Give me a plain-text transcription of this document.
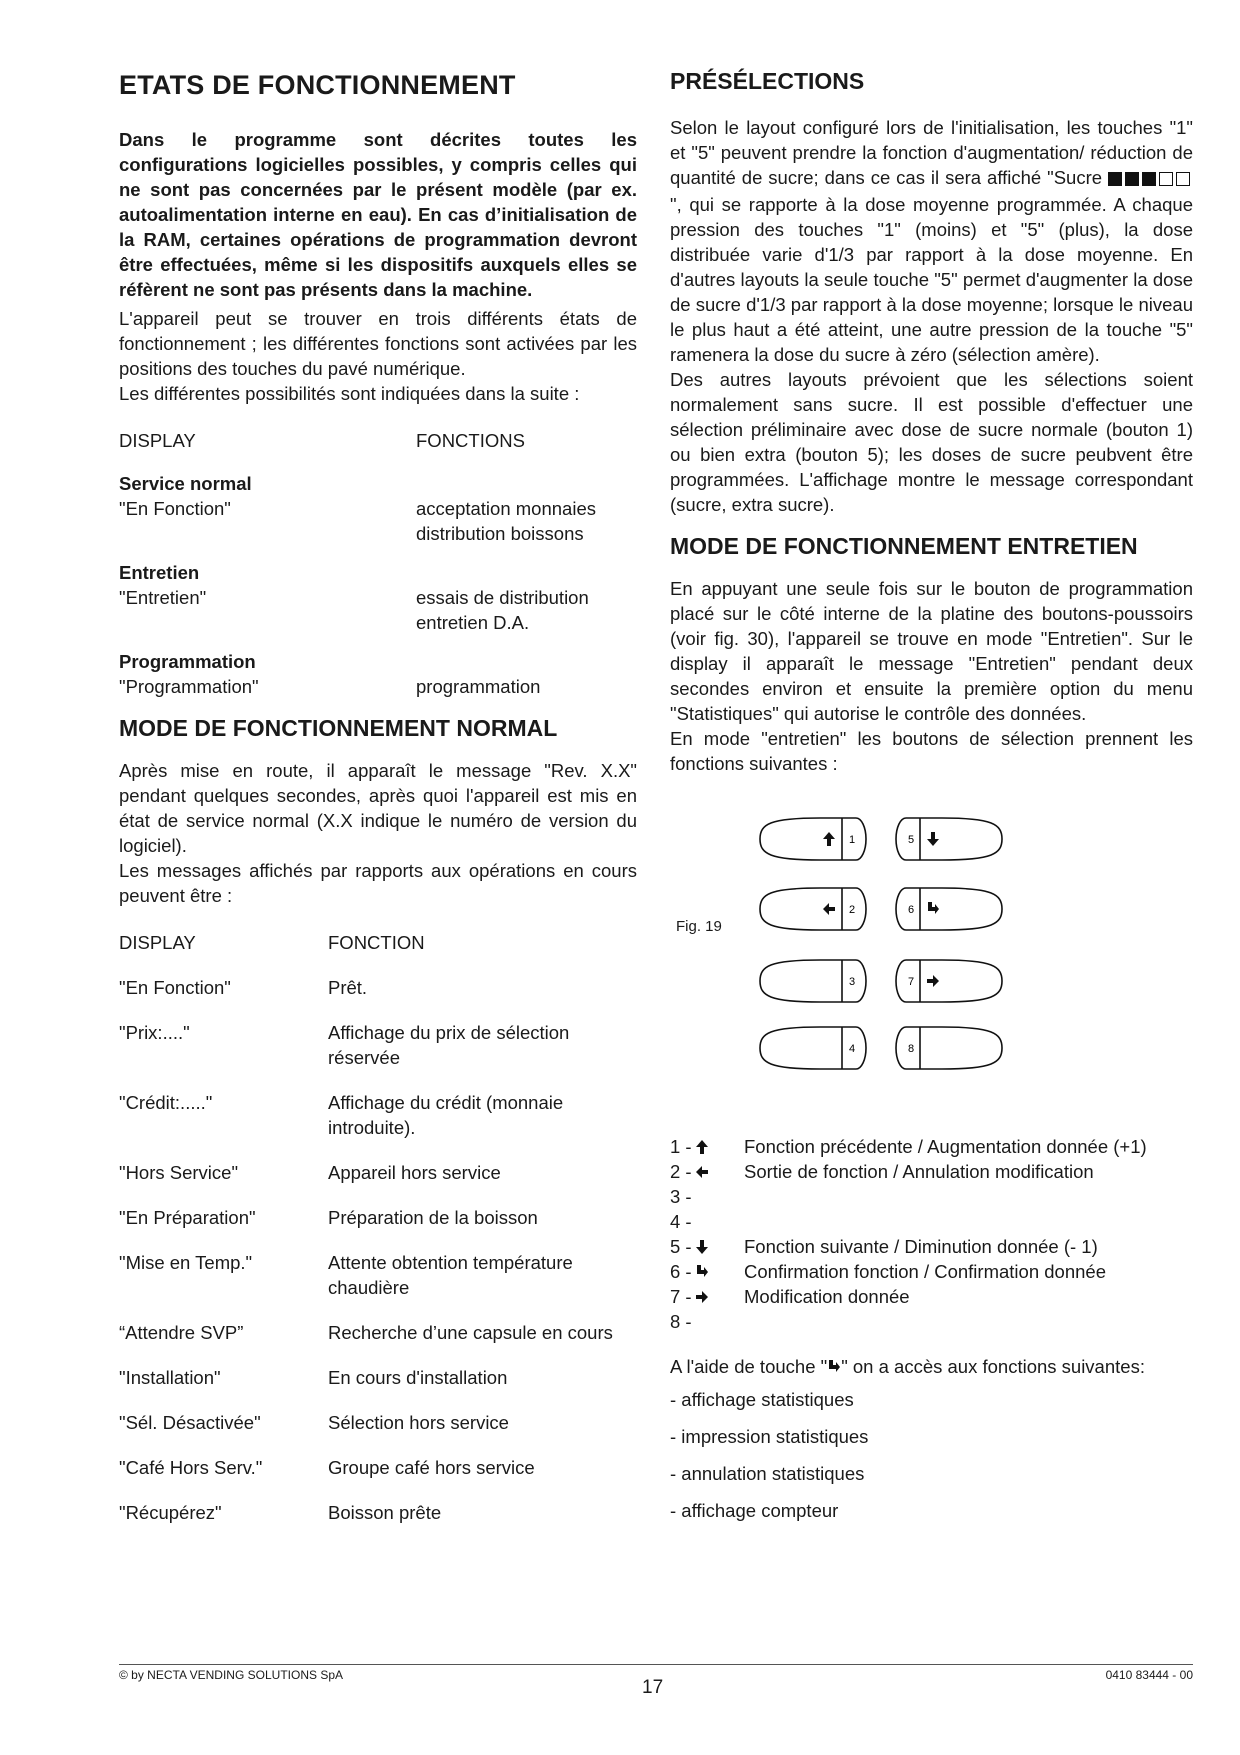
ETATS DE FONCTIONNEMENT

Dans le programme sont décrites toutes les configurations logicielles possibles, y compris celles qui ne sont pas concernées par le présent modèle (par ex. autoalimentation interne en eau). En cas d’initialisation de la RAM, certaines opérations de programmation devront être effectuées, même si les dispositifs auxquels elles se réfèrent ne sont pas présents dans la machine.

L'appareil peut se trouver en trois différents états de fonctionnement ; les différentes fonctions sont activées par les positions des touches du pavé numérique.

Les différentes possibilités sont indiquées dans la suite :

DISPLAY	FONCTIONS
Service normal
"En Fonction"	acceptation monnaies distribution boissons
Entretien
"Entretien"	essais de distribution entretien D.A.
Programmation
"Programmation"	programmation
MODE DE FONCTIONNEMENT NORMAL

Après mise en route, il apparaît le message "Rev. X.X" pendant quelques secondes, après quoi l'appareil est mis en état de service normal (X.X indique le numéro de version du logiciel).

Les messages affichés par rapports aux opérations en cours peuvent être :

DISPLAY	FONCTION
"En Fonction"	Prêt.
"Prix:...."	Affichage du prix de sélection réservée
"Crédit:....."	Affichage du crédit (monnaie introduite).
"Hors Service"	Appareil hors service
"En Préparation"	Préparation de la boisson
"Mise en Temp."	Attente obtention température chaudière
“Attendre SVP”	Recherche d’une capsule en cours
"Installation"	En cours d'installation
"Sél. Désactivée"	Sélection hors service
"Café Hors Serv."	Groupe café hors service
"Récupérez"	Boisson prête
PRÉSÉLECTIONS

Selon le layout configuré lors de l'initialisation, les touches "1" et "5" peuvent prendre la fonction d'augmentation/ réduction de quantité de sucre; dans ce cas il sera affiché "Sucre ", qui se rapporte à la dose moyenne programmée. A chaque pression des touches "1" (moins) et "5" (plus), la dose distribuée varie d'1/3 par rapport à la dose moyenne. En d'autres layouts la seule touche "5" permet d'augmenter la dose de sucre d'1/3 par rapport à la dose moyenne; lorsque le niveau le plus haut a été atteint, une autre pression de la touche "5" ramenera la dose du sucre à zéro (sélection amère).

Des autres layouts prévoient que les sélections soient normalement sans sucre. Il est possible d'effectuer une sélection préliminaire avec dose de sucre normale (bouton 1) ou bien extra (bouton 5); les doses de sucre peubvent être programmées. L'affichage montre le message correspondant (sucre, extra sucre).

MODE DE FONCTIONNEMENT ENTRETIEN

En appuyant une seule fois sur le bouton de programmation placé sur le côté interne de la platine des boutons-poussoirs (voir fig. 30), l'appareil se trouve en mode "Entretien". Sur le display il apparaît le message "Entretien" pendant deux secondes environ et ensuite la première option du menu "Statistiques" qui autorise le contrôle des données.

En mode "entretien" les boutons de sélection prennent les fonctions suivantes :

Fig. 19
1	5
2	6
3	7
4	8
1 -	Fonction précédente / Augmentation donnée (+1)
2 -	Sortie de fonction / Annulation modification
3 -
4 -
5 -	Fonction suivante / Diminution donnée (- 1)
6 -	Confirmation fonction / Confirmation donnée
7 -	Modification donnée
8 -
A l'aide de touche " " on a accès aux fonctions suivantes:
- affichage statistiques
- impression statistiques
- annulation statistiques
- affichage compteur
© by NECTA VENDING SOLUTIONS SpA
17
0410 83444 - 00
